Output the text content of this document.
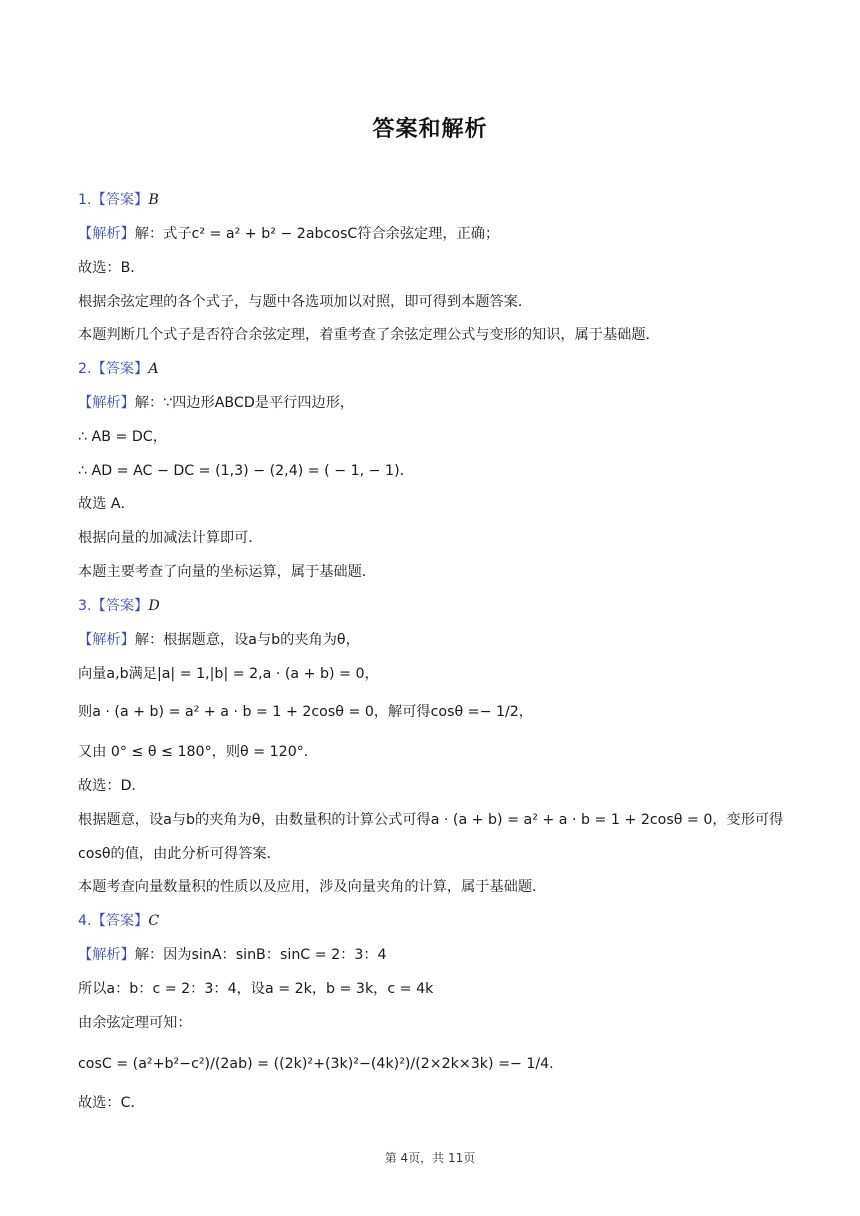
答案和解析
1.【答案】B
【解析】解：式子c² = a² + b² − 2abcosC符合余弦定理，正确；
故选：B．
根据余弦定理的各个式子，与题中各选项加以对照，即可得到本题答案．
本题判断几个式子是否符合余弦定理，着重考查了余弦定理公式与变形的知识，属于基础题．
2.【答案】A
【解析】解：∵四边形ABCD是平行四边形，
∴ AB = DC，
∴ AD = AC − DC = (1,3) − (2,4) = ( − 1, − 1)．
故选 A．
根据向量的加减法计算即可．
本题主要考查了向量的坐标运算，属于基础题．
3.【答案】D
【解析】解：根据题意，设a与b的夹角为θ，
向量a,b满足|a| = 1,|b| = 2,a · (a + b) = 0，
则a · (a + b) = a² + a · b = 1 + 2cosθ = 0，解可得cosθ =− 1/2，
又由 0° ≤ θ ≤ 180°，则θ = 120°．
故选：D．
根据题意，设a与b的夹角为θ，由数量积的计算公式可得a · (a + b) = a² + a · b = 1 + 2cosθ = 0，变形可得
cosθ的值，由此分析可得答案．
本题考查向量数量积的性质以及应用，涉及向量夹角的计算，属于基础题．
4.【答案】C
【解析】解：因为sinA：sinB：sinC = 2：3：4
所以a：b：c = 2：3：4，设a = 2k，b = 3k，c = 4k
由余弦定理可知：
cosC = (a²+b²−c²)/(2ab) = ((2k)²+(3k)²−(4k)²)/(2×2k×3k) =− 1/4.
故选：C．
第 4页，共 11页
